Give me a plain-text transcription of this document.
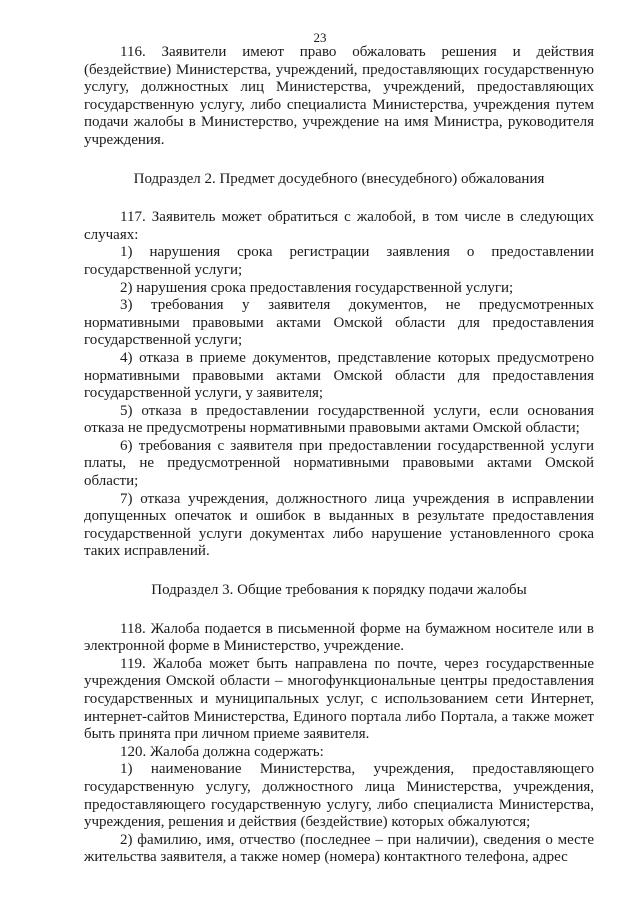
23

116. Заявители имеют право обжаловать решения и действия (бездействие) Министерства, учреждений, предоставляющих государственную услугу, должностных лиц Министерства, учреждений, предоставляющих государственную услугу, либо специалиста Министерства, учреждения путем подачи жалобы в Министерство, учреждение на имя Министра, руководителя учреждения.

Подраздел 2. Предмет досудебного (внесудебного) обжалования

117. Заявитель может обратиться с жалобой, в том числе в следующих случаях:

1) нарушения срока регистрации заявления о предоставлении государственной услуги;

2) нарушения срока предоставления государственной услуги;

3) требования у заявителя документов, не предусмотренных нормативными правовыми актами Омской области для предоставления государственной услуги;

4) отказа в приеме документов, представление которых предусмотрено нормативными правовыми актами Омской области для предоставления государственной услуги, у заявителя;

5) отказа в предоставлении государственной услуги, если основания отказа не предусмотрены нормативными правовыми актами Омской области;

6) требования с заявителя при предоставлении государственной услуги платы, не предусмотренной нормативными правовыми актами Омской области;

7) отказа учреждения, должностного лица учреждения в исправлении допущенных опечаток и ошибок в выданных в результате предоставления государственной услуги документах либо нарушение установленного срока таких исправлений.

Подраздел 3. Общие требования к порядку подачи жалобы

118. Жалоба подается в письменной форме на бумажном носителе или в электронной форме в Министерство, учреждение.

119. Жалоба может быть направлена по почте, через государственные учреждения Омской области – многофункциональные центры предоставления государственных и муниципальных услуг, с использованием сети Интернет, интернет-сайтов Министерства, Единого портала либо Портала, а также может быть принята при личном приеме заявителя.

120. Жалоба должна содержать:

1) наименование Министерства, учреждения, предоставляющего государственную услугу, должностного лица Министерства, учреждения, предоставляющего государственную услугу, либо специалиста Министерства, учреждения, решения и действия (бездействие) которых обжалуются;

2) фамилию, имя, отчество (последнее – при наличии), сведения о месте жительства заявителя, а также номер (номера) контактного телефона, адрес
